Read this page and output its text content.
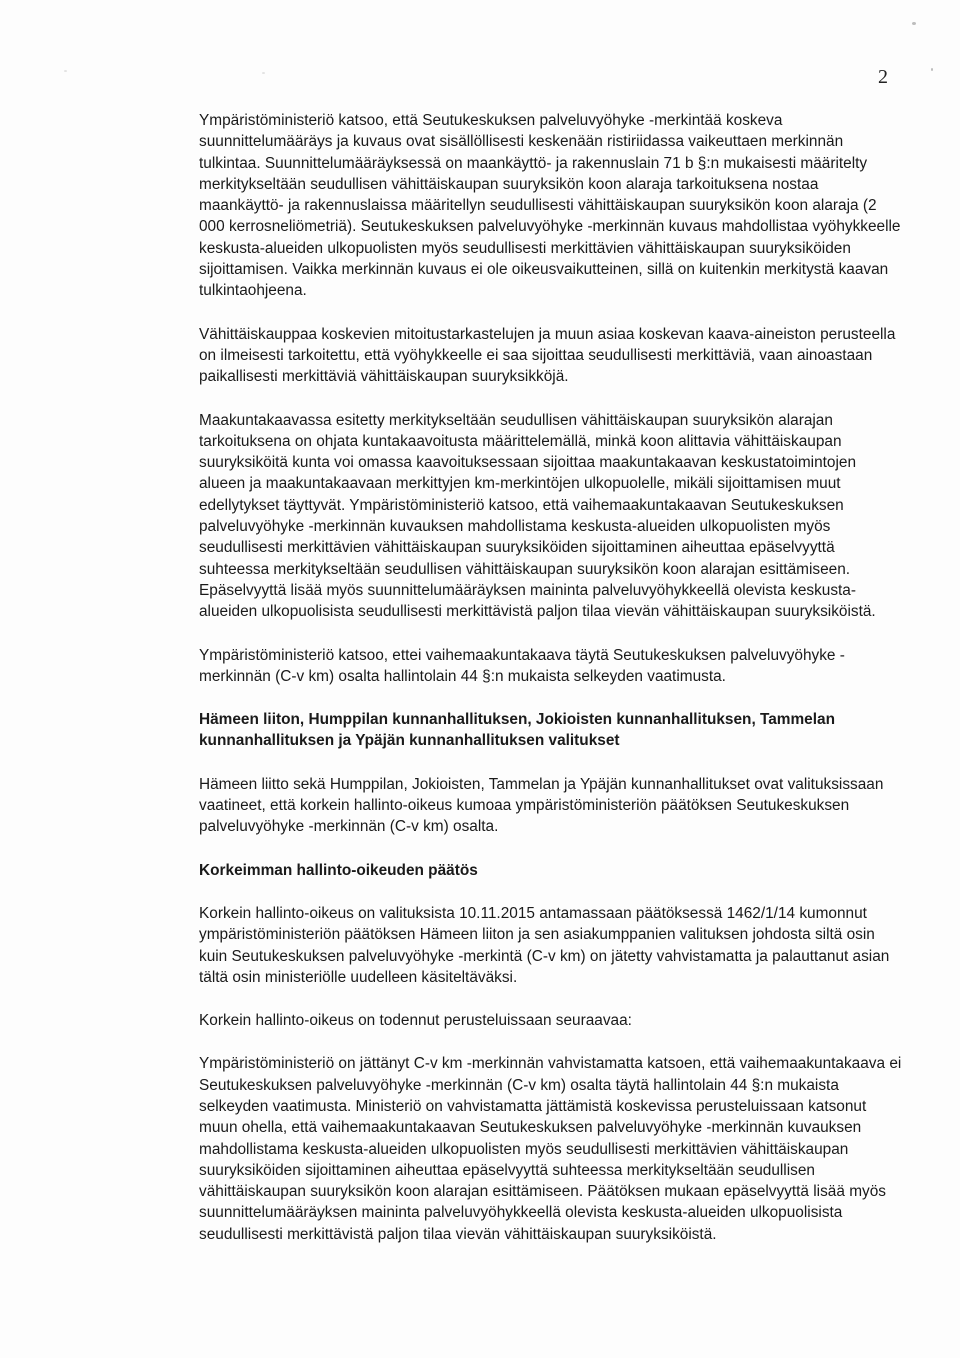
2

Ympäristöministeriö katsoo, että Seutukeskuksen palveluvyöhyke -merkintää koskeva suunnittelumääräys ja kuvaus ovat sisällöllisesti keskenään ristiriidassa vaikeuttaen merkinnän tulkintaa. Suunnittelumääräyksessä on maankäyttö- ja rakennuslain 71 b §:n mukaisesti määritelty merkitykseltään seudullisen vähittäiskaupan suuryksikön koon alaraja tarkoituksena nostaa maankäyttö- ja rakennuslaissa määritellyn seudullisesti vähittäiskaupan suuryksikön koon alaraja (2 000 kerrosneliömetriä). Seutukeskuksen palveluvyöhyke -merkinnän kuvaus mahdollistaa vyöhykkeelle keskusta-alueiden ulkopuolisten myös seudullisesti merkittävien vähittäiskaupan suuryksiköiden sijoittamisen. Vaikka merkinnän kuvaus ei ole oikeusvaikutteinen, sillä on kuitenkin merkitystä kaavan tulkintaohjeena.

Vähittäiskauppaa koskevien mitoitustarkastelujen ja muun asiaa koskevan kaava-aineiston perusteella on ilmeisesti tarkoitettu, että vyöhykkeelle ei saa sijoittaa seudullisesti merkittäviä, vaan ainoastaan paikallisesti merkittäviä vähittäiskaupan suuryksikköjä.

Maakuntakaavassa esitetty merkitykseltään seudullisen vähittäiskaupan suuryksikön alarajan tarkoituksena on ohjata kuntakaavoitusta määrittelemällä, minkä koon alittavia vähittäiskaupan suuryksiköitä kunta voi omassa kaavoituksessaan sijoittaa maakuntakaavan keskustatoimintojen alueen ja maakuntakaavaan merkittyjen km-merkintöjen ulkopuolelle, mikäli sijoittamisen muut edellytykset täyttyvät. Ympäristöministeriö katsoo, että vaihemaakuntakaavan Seutukeskuksen palveluvyöhyke -merkinnän kuvauksen mahdollistama keskusta-alueiden ulkopuolisten myös seudullisesti merkittävien vähittäiskaupan suuryksiköiden sijoittaminen aiheuttaa epäselvyyttä suhteessa merkitykseltään seudullisen vähittäiskaupan suuryksikön koon alarajan esittämiseen. Epäselvyyttä lisää myös suunnittelumääräyksen maininta palveluvyöhykkeellä olevista keskusta-alueiden ulkopuolisista seudullisesti merkittävistä paljon tilaa vievän vähittäiskaupan suuryksiköistä.

Ympäristöministeriö katsoo, ettei vaihemaakuntakaava täytä Seutukeskuksen palveluvyöhyke -merkinnän (C-v km) osalta hallintolain 44 §:n mukaista selkeyden vaatimusta.

Hämeen liiton, Humppilan kunnanhallituksen, Jokioisten kunnanhallituksen, Tammelan kunnanhallituksen ja Ypäjän kunnanhallituksen valitukset

Hämeen liitto sekä Humppilan, Jokioisten, Tammelan ja Ypäjän kunnanhallitukset ovat valituksissaan vaatineet, että korkein hallinto-oikeus kumoaa ympäristöministeriön päätöksen Seutukeskuksen palveluvyöhyke -merkinnän (C-v km) osalta.

Korkeimman hallinto-oikeuden päätös

Korkein hallinto-oikeus on valituksista 10.11.2015 antamassaan päätöksessä 1462/1/14 kumonnut ympäristöministeriön päätöksen Hämeen liiton ja sen asiakumppanien valituksen johdosta siltä osin kuin Seutukeskuksen palveluvyöhyke -merkintä (C-v km) on jätetty vahvistamatta ja palauttanut asian tältä osin ministeriölle uudelleen käsiteltäväksi.

Korkein hallinto-oikeus on todennut perusteluissaan seuraavaa:

Ympäristöministeriö on jättänyt C-v km -merkinnän vahvistamatta katsoen, että vaihemaakuntakaava ei Seutukeskuksen palveluvyöhyke -merkinnän (C-v km) osalta täytä hallintolain 44 §:n mukaista selkeyden vaatimusta. Ministeriö on vahvistamatta jättämistä koskevissa perusteluissaan katsonut muun ohella, että vaihemaakuntakaavan Seutukeskuksen palveluvyöhyke -merkinnän kuvauksen mahdollistama keskusta-alueiden ulkopuolisten myös seudullisesti merkittävien vähittäiskaupan suuryksiköiden sijoittaminen aiheuttaa epäselvyyttä suhteessa merkitykseltään seudullisen vähittäiskaupan suuryksikön koon alarajan esittämiseen. Päätöksen mukaan epäselvyyttä lisää myös suunnittelumääräyksen maininta palveluvyöhykkeellä olevista keskusta-alueiden ulkopuolisista seudullisesti merkittävistä paljon tilaa vievän vähittäiskaupan suuryksiköistä.
